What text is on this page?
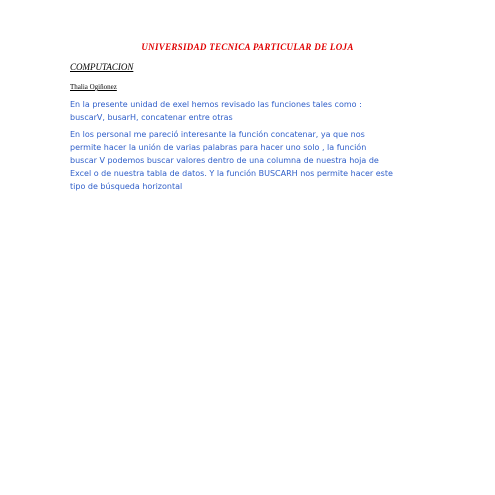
UNIVERSIDAD TECNICA PARTICULAR DE LOJA
COMPUTACION
Thalia Ogiñonez

En la presente unidad de exel hemos revisado las funciones tales como : buscarV, busarH, concatenar entre otras

En los personal me pareció interesante la función concatenar, ya que nos permite hacer la unión de varias palabras para hacer uno solo , la función buscar V podemos buscar valores dentro de una columna de nuestra hoja de Excel o de nuestra tabla de datos. Y la función BUSCARH nos permite hacer este tipo de búsqueda horizontal
